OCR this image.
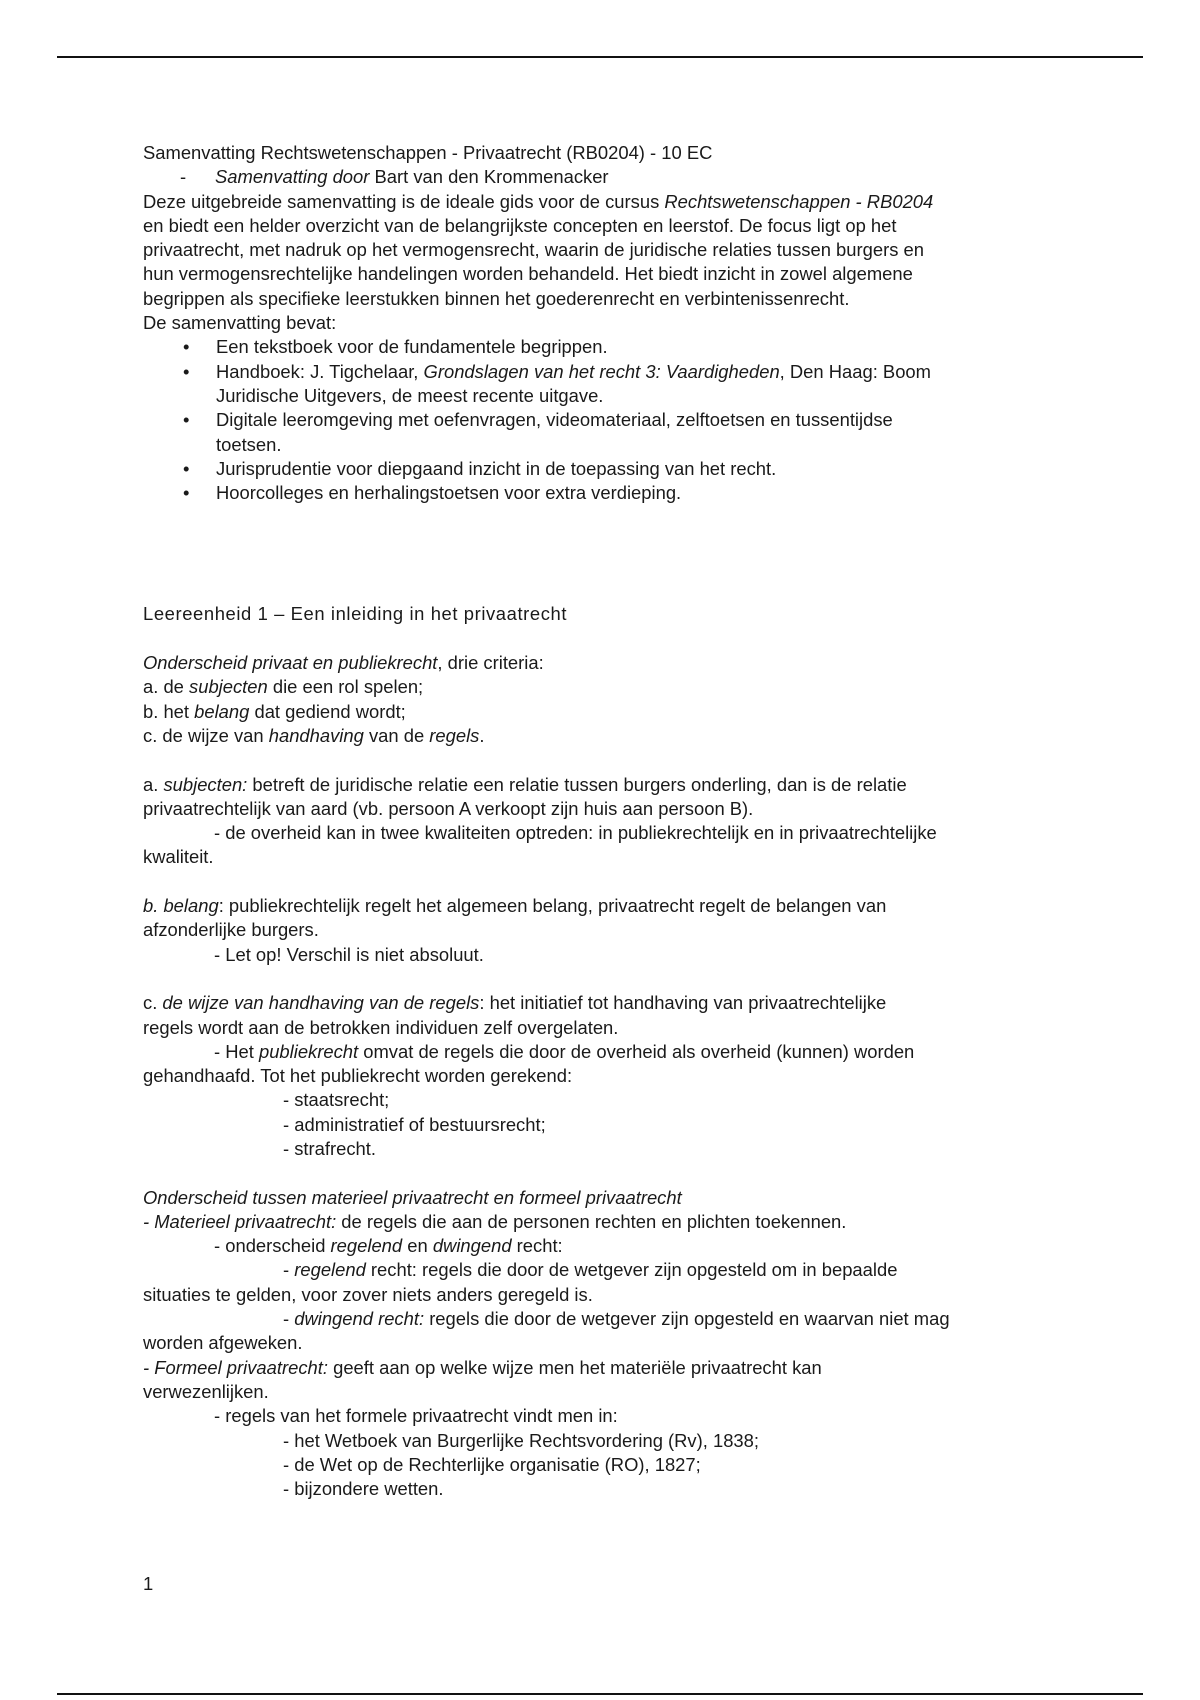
Samenvatting Rechtswetenschappen - Privaatrecht (RB0204) - 10 EC

- Samenvatting door Bart van den Krommenacker

Deze uitgebreide samenvatting is de ideale gids voor de cursus Rechtswetenschappen - RB0204

en biedt een helder overzicht van de belangrijkste concepten en leerstof. De focus ligt op het

privaatrecht, met nadruk op het vermogensrecht, waarin de juridische relaties tussen burgers en

hun vermogensrechtelijke handelingen worden behandeld. Het biedt inzicht in zowel algemene

begrippen als specifieke leerstukken binnen het goederenrecht en verbintenissenrecht.

De samenvatting bevat:

• Een tekstboek voor de fundamentele begrippen.
• Handboek: J. Tigchelaar, Grondslagen van het recht 3: Vaardigheden, Den Haag: Boom
Juridische Uitgevers, de meest recente uitgave.
• Digitale leeromgeving met oefenvragen, videomateriaal, zelftoetsen en tussentijdse
toetsen.
• Jurisprudentie voor diepgaand inzicht in de toepassing van het recht.
• Hoorcolleges en herhalingstoetsen voor extra verdieping.

Leereenheid 1 – Een inleiding in het privaatrecht

Onderscheid privaat en publiekrecht, drie criteria:

a. de subjecten die een rol spelen;

b. het belang dat gediend wordt;

c. de wijze van handhaving van de regels.

a. subjecten: betreft de juridische relatie een relatie tussen burgers onderling, dan is de relatie

privaatrechtelijk van aard (vb. persoon A verkoopt zijn huis aan persoon B).

- de overheid kan in twee kwaliteiten optreden: in publiekrechtelijk en in privaatrechtelijke

kwaliteit.

b. belang: publiekrechtelijk regelt het algemeen belang, privaatrecht regelt de belangen van

afzonderlijke burgers.

- Let op! Verschil is niet absoluut.

c. de wijze van handhaving van de regels: het initiatief tot handhaving van privaatrechtelijke

regels wordt aan de betrokken individuen zelf overgelaten.

- Het publiekrecht omvat de regels die door de overheid als overheid (kunnen) worden

gehandhaafd. Tot het publiekrecht worden gerekend:

- staatsrecht;

- administratief of bestuursrecht;

- strafrecht.

Onderscheid tussen materieel privaatrecht en formeel privaatrecht

- Materieel privaatrecht: de regels die aan de personen rechten en plichten toekennen.

- onderscheid regelend en dwingend recht:

- regelend recht: regels die door de wetgever zijn opgesteld om in bepaalde

situaties te gelden, voor zover niets anders geregeld is.

- dwingend recht: regels die door de wetgever zijn opgesteld en waarvan niet mag

worden afgeweken.

- Formeel privaatrecht: geeft aan op welke wijze men het materiële privaatrecht kan

verwezenlijken.

- regels van het formele privaatrecht vindt men in:

- het Wetboek van Burgerlijke Rechtsvordering (Rv), 1838;

- de Wet op de Rechterlijke organisatie (RO), 1827;

- bijzondere wetten.

1
